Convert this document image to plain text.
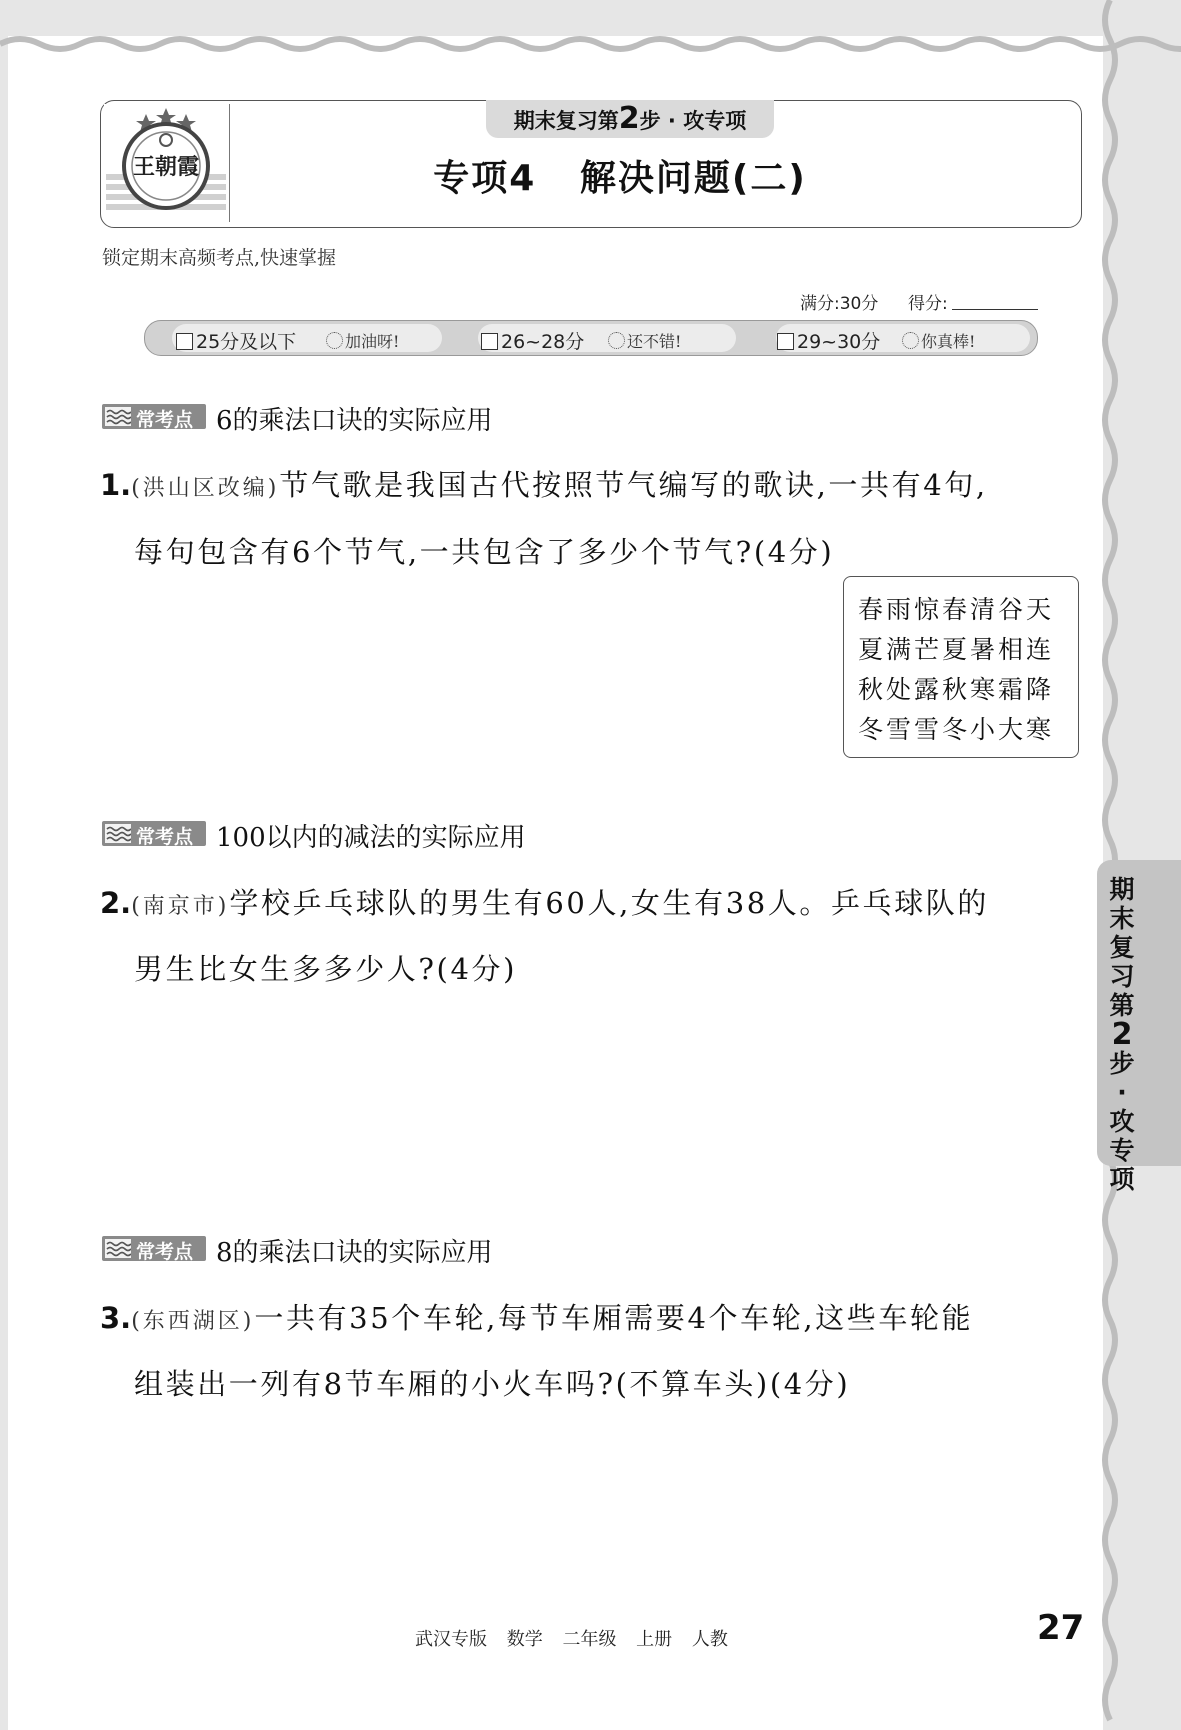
王朝霞
期末复习第2步 · 攻专项
专项4   解决问题(二)
锁定期末高频考点,快速掌握
满分:30分 得分:
25分及以下	加油呀!	26~28分	还不错!	29~30分	你真棒!
常考点 6的乘法口诀的实际应用
1.(洪山区改编)节气歌是我国古代按照节气编写的歌诀,一共有4句,
每句包含有6个节气,一共包含了多少个节气?(4分)
春雨惊春清谷天
夏满芒夏暑相连
秋处露秋寒霜降
冬雪雪冬小大寒
常考点 100以内的减法的实际应用
2.(南京市)学校乒乓球队的男生有60人,女生有38人。乒乓球队的
男生比女生多多少人?(4分)
常考点 8的乘法口诀的实际应用
3.(东西湖区)一共有35个车轮,每节车厢需要4个车轮,这些车轮能
组装出一列有8节车厢的小火车吗?(不算车头)(4分)
期
末
复
习
第
2
步
·
攻
专
项
武汉专版 数学 二年级 上册 人教	27
